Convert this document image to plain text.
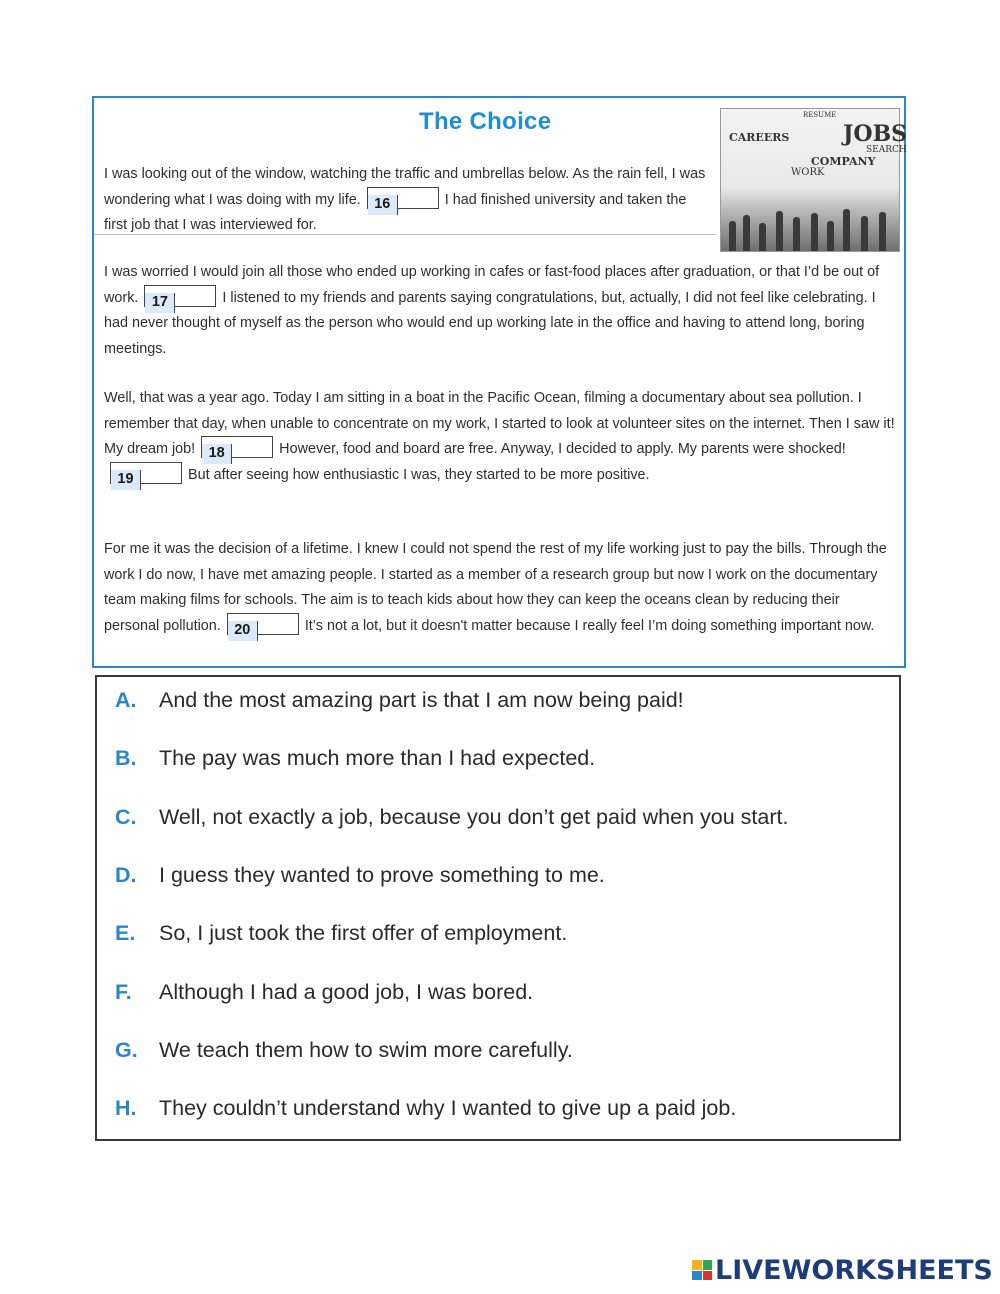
The Choice	RESUME
CAREERS JOBS
SEARCH
COMPANY
WORK

I was looking out of the window, watching the traffic and umbrellas below. As the rain fell, I was wondering what I was doing with my life. 16	I had finished university and taken the first job that I was interviewed for.

I was worried I would join all those who ended up working in cafes or fast-food places after graduation, or that I’d be out of work. 17	I listened to my friends and parents saying congratulations, but, actually, I did not feel like celebrating. I had never thought of myself as the person who would end up working late in the office and having to attend long, boring meetings.

Well, that was a year ago. Today I am sitting in a boat in the Pacific Ocean, filming a documentary about sea pollution. I remember that day, when unable to concentrate on my work, I started to look at volunteer sites on the internet. Then I saw it! My dream job! 18	However, food and board are free. Anyway, I decided to apply. My parents were shocked!19	But after seeing how enthusiastic I was, they started to be more positive.

For me it was the decision of a lifetime. I knew I could not spend the rest of my life working just to pay the bills. Through the work I do now, I have met amazing people. I started as a member of a research group but now I work on the documentary team making films for schools. The aim is to teach kids about how they can keep the oceans clean by reducing their personal pollution. 20	It’s not a lot, but it doesn't matter because I really feel I’m doing something important now.

A. And the most amazing part is that I am now being paid!
B. The pay was much more than I had expected.
C. Well, not exactly a job, because you don’t get paid when you start.
D. I guess they wanted to prove something to me.
E. So, I just took the first offer of employment.
F. Although I had a good job, I was bored.
G. We teach them how to swim more carefully.
H. They couldn’t understand why I wanted to give up a paid job.
LIVEWORKSHEETS
